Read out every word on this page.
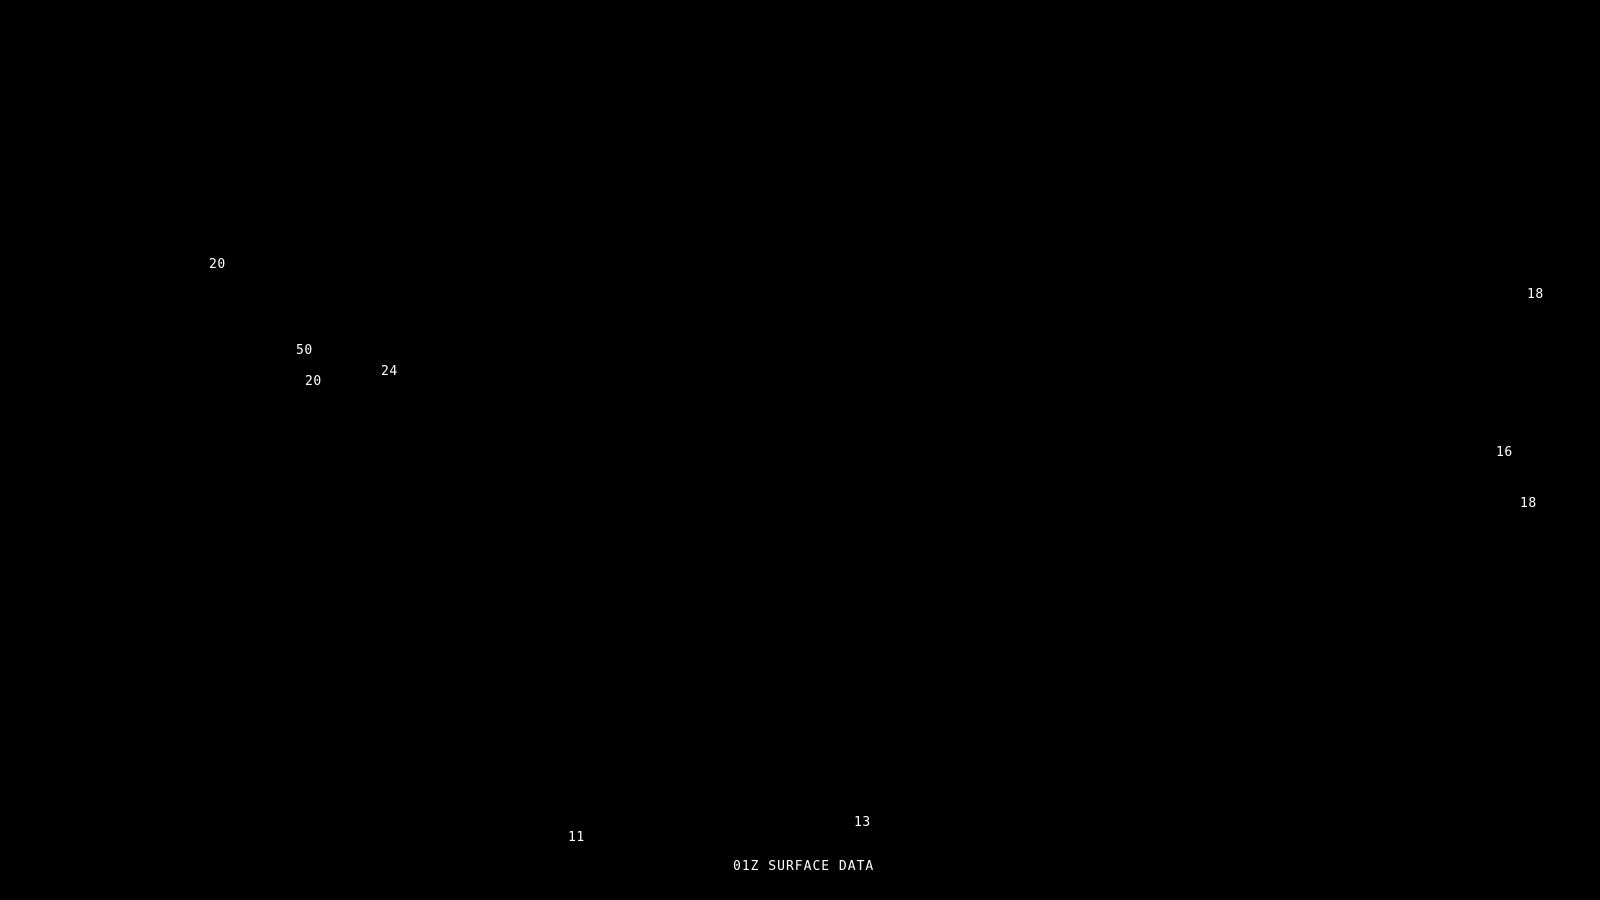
20
18
50
24
20
16
18
13
11
01Z SURFACE DATA
